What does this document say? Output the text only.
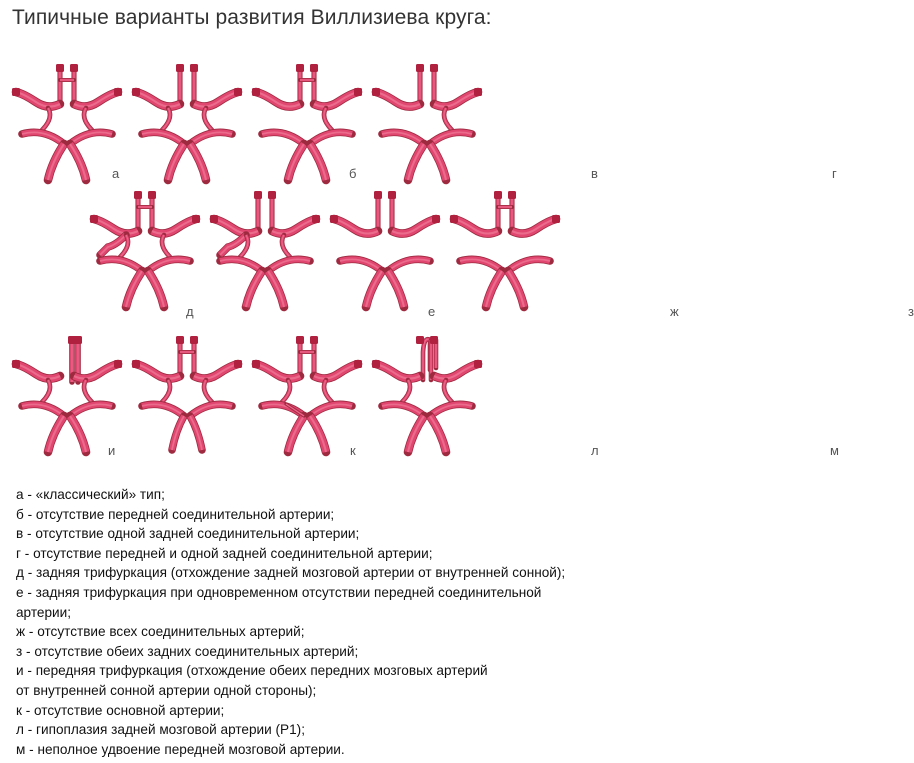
Типичные варианты развития Виллизиева круга:
а	б	в	г
д	е	ж	з
и	к	л	м
а - «классический» тип;
б - отсутствие передней соединительной артерии;
в - отсутствие одной задней соединительной артерии;
г - отсутствие передней и одной задней соединительной артерии;
д - задняя трифуркация (отхождение задней мозговой артерии от внутренней сонной);
е - задняя трифуркация при одновременном отсутствии передней соединительной
артерии;
ж - отсутствие всех соединительных артерий;
з - отсутствие обеих задних соединительных артерий;
и - передняя трифуркация (отхождение обеих передних мозговых артерий
от внутренней сонной артерии одной стороны);
к - отсутствие основной артерии;
л - гипоплазия задней мозговой артерии (P1);
м - неполное удвоение передней мозговой артерии.
